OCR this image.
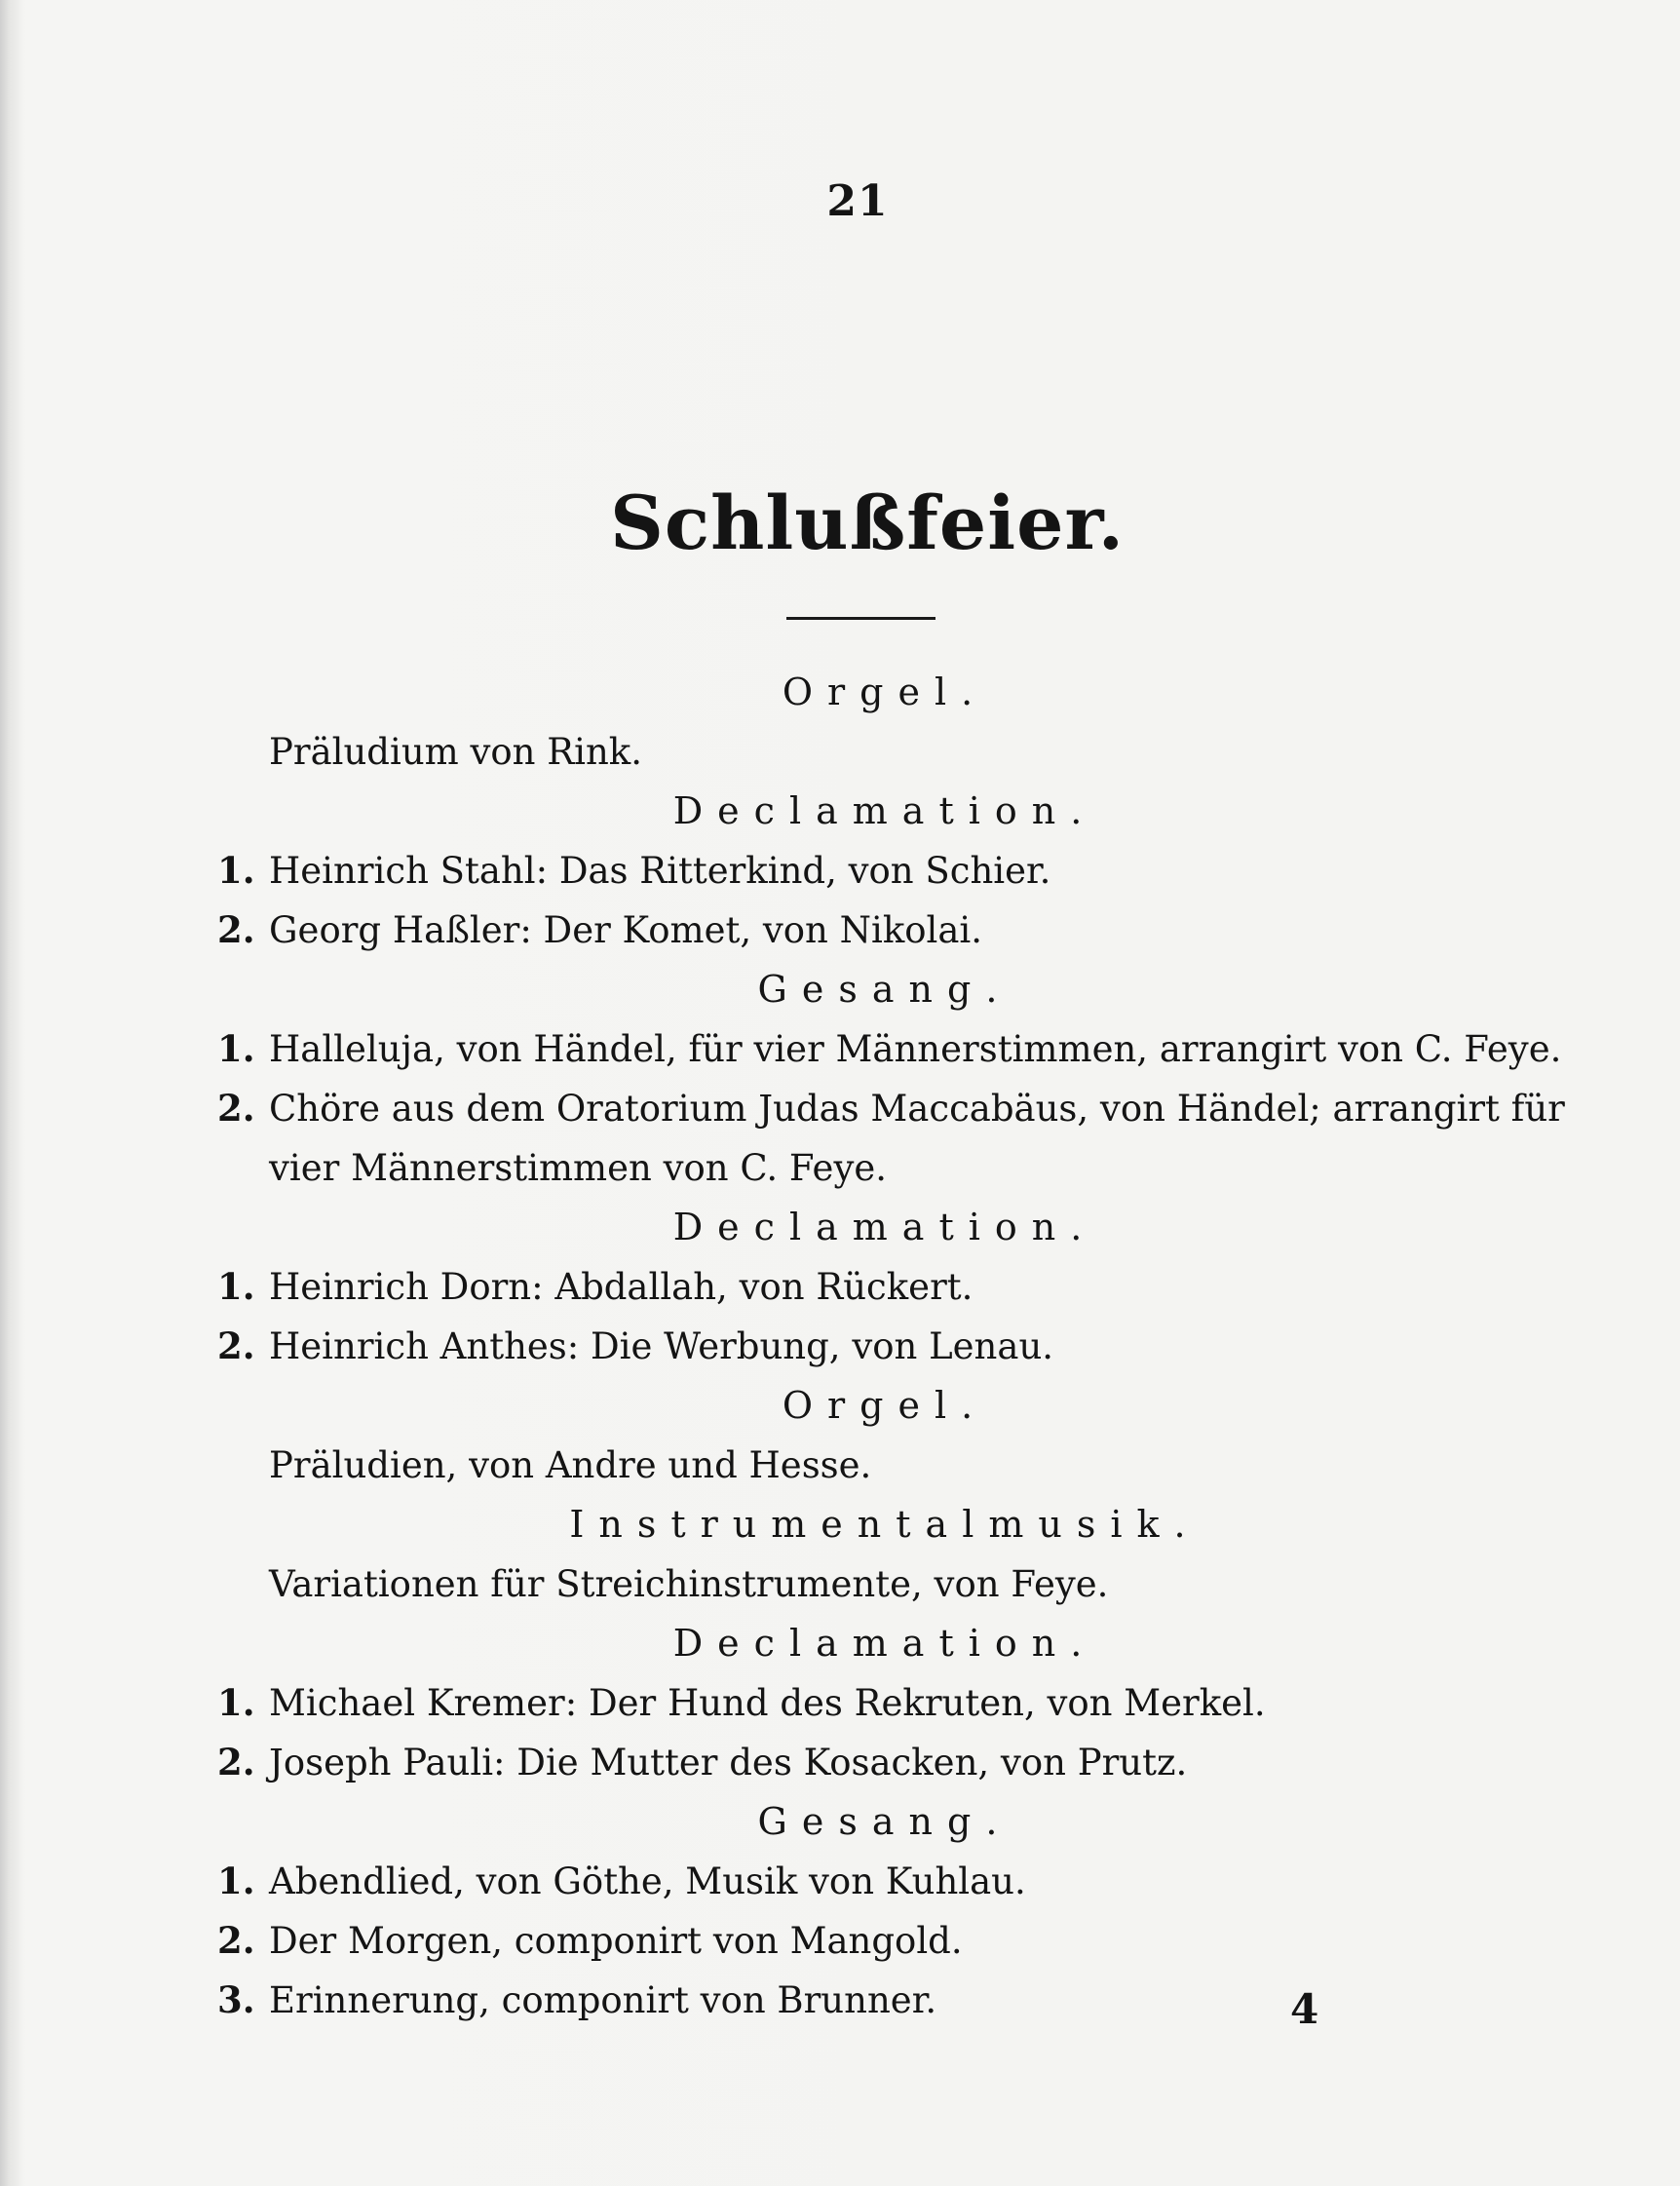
21
Schlußfeier.
Orgel.
Präludium von Rink.
Declamation.
1. Heinrich Stahl: Das Ritterkind, von Schier.
2. Georg Haßler: Der Komet, von Nikolai.
Gesang.
1. Halleluja, von Händel, für vier Männerstimmen, arrangirt von C. Feye.
2. Chöre aus dem Oratorium Judas Maccabäus, von Händel; arrangirt für
vier Männerstimmen von C. Feye.
Declamation.
1. Heinrich Dorn: Abdallah, von Rückert.
2. Heinrich Anthes: Die Werbung, von Lenau.
Orgel.
Präludien, von Andre und Hesse.
Instrumentalmusik.
Variationen für Streichinstrumente, von Feye.
Declamation.
1. Michael Kremer: Der Hund des Rekruten, von Merkel.
2. Joseph Pauli: Die Mutter des Kosacken, von Prutz.
Gesang.
1. Abendlied, von Göthe, Musik von Kuhlau.
2. Der Morgen, componirt von Mangold.
3. Erinnerung, componirt von Brunner.	4
